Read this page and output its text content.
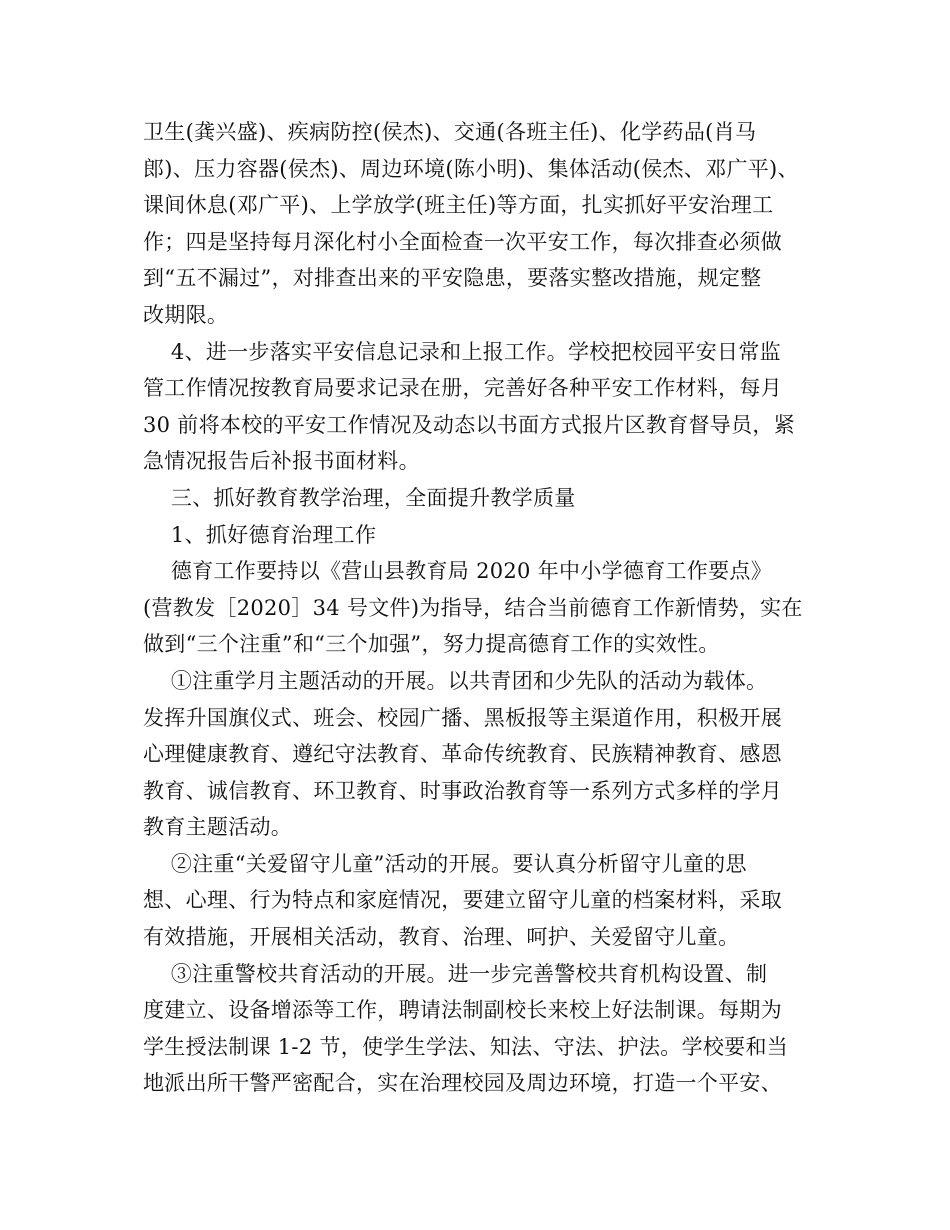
卫生(龚兴盛)、疾病防控(侯杰)、交通(各班主任)、化学药品(肖马
郎)、压力容器(侯杰)、周边环境(陈小明)、集体活动(侯杰、邓广平)、
课间休息(邓广平)、上学放学(班主任)等方面，扎实抓好平安治理工
作；四是坚持每月深化村小全面检查一次平安工作，每次排查必须做
到“五不漏过”，对排查出来的平安隐患，要落实整改措施，规定整
改期限。
4、进一步落实平安信息记录和上报工作。学校把校园平安日常监
管工作情况按教育局要求记录在册，完善好各种平安工作材料，每月
30 前将本校的平安工作情况及动态以书面方式报片区教育督导员，紧
急情况报告后补报书面材料。
三、抓好教育教学治理，全面提升教学质量
1、抓好德育治理工作
德育工作要持以《营山县教育局 2020 年中小学德育工作要点》
(营教发［2020］34 号文件)为指导，结合当前德育工作新情势，实在
做到“三个注重”和“三个加强”，努力提高德育工作的实效性。
①注重学月主题活动的开展。以共青团和少先队的活动为载体。
发挥升国旗仪式、班会、校园广播、黑板报等主渠道作用，积极开展
心理健康教育、遵纪守法教育、革命传统教育、民族精神教育、感恩
教育、诚信教育、环卫教育、时事政治教育等一系列方式多样的学月
教育主题活动。
②注重“关爱留守儿童”活动的开展。要认真分析留守儿童的思
想、心理、行为特点和家庭情况，要建立留守儿童的档案材料，采取
有效措施，开展相关活动，教育、治理、呵护、关爱留守儿童。
③注重警校共育活动的开展。进一步完善警校共育机构设置、制
度建立、设备增添等工作，聘请法制副校长来校上好法制课。每期为
学生授法制课 1-2 节，使学生学法、知法、守法、护法。学校要和当
地派出所干警严密配合，实在治理校园及周边环境，打造一个平安、
